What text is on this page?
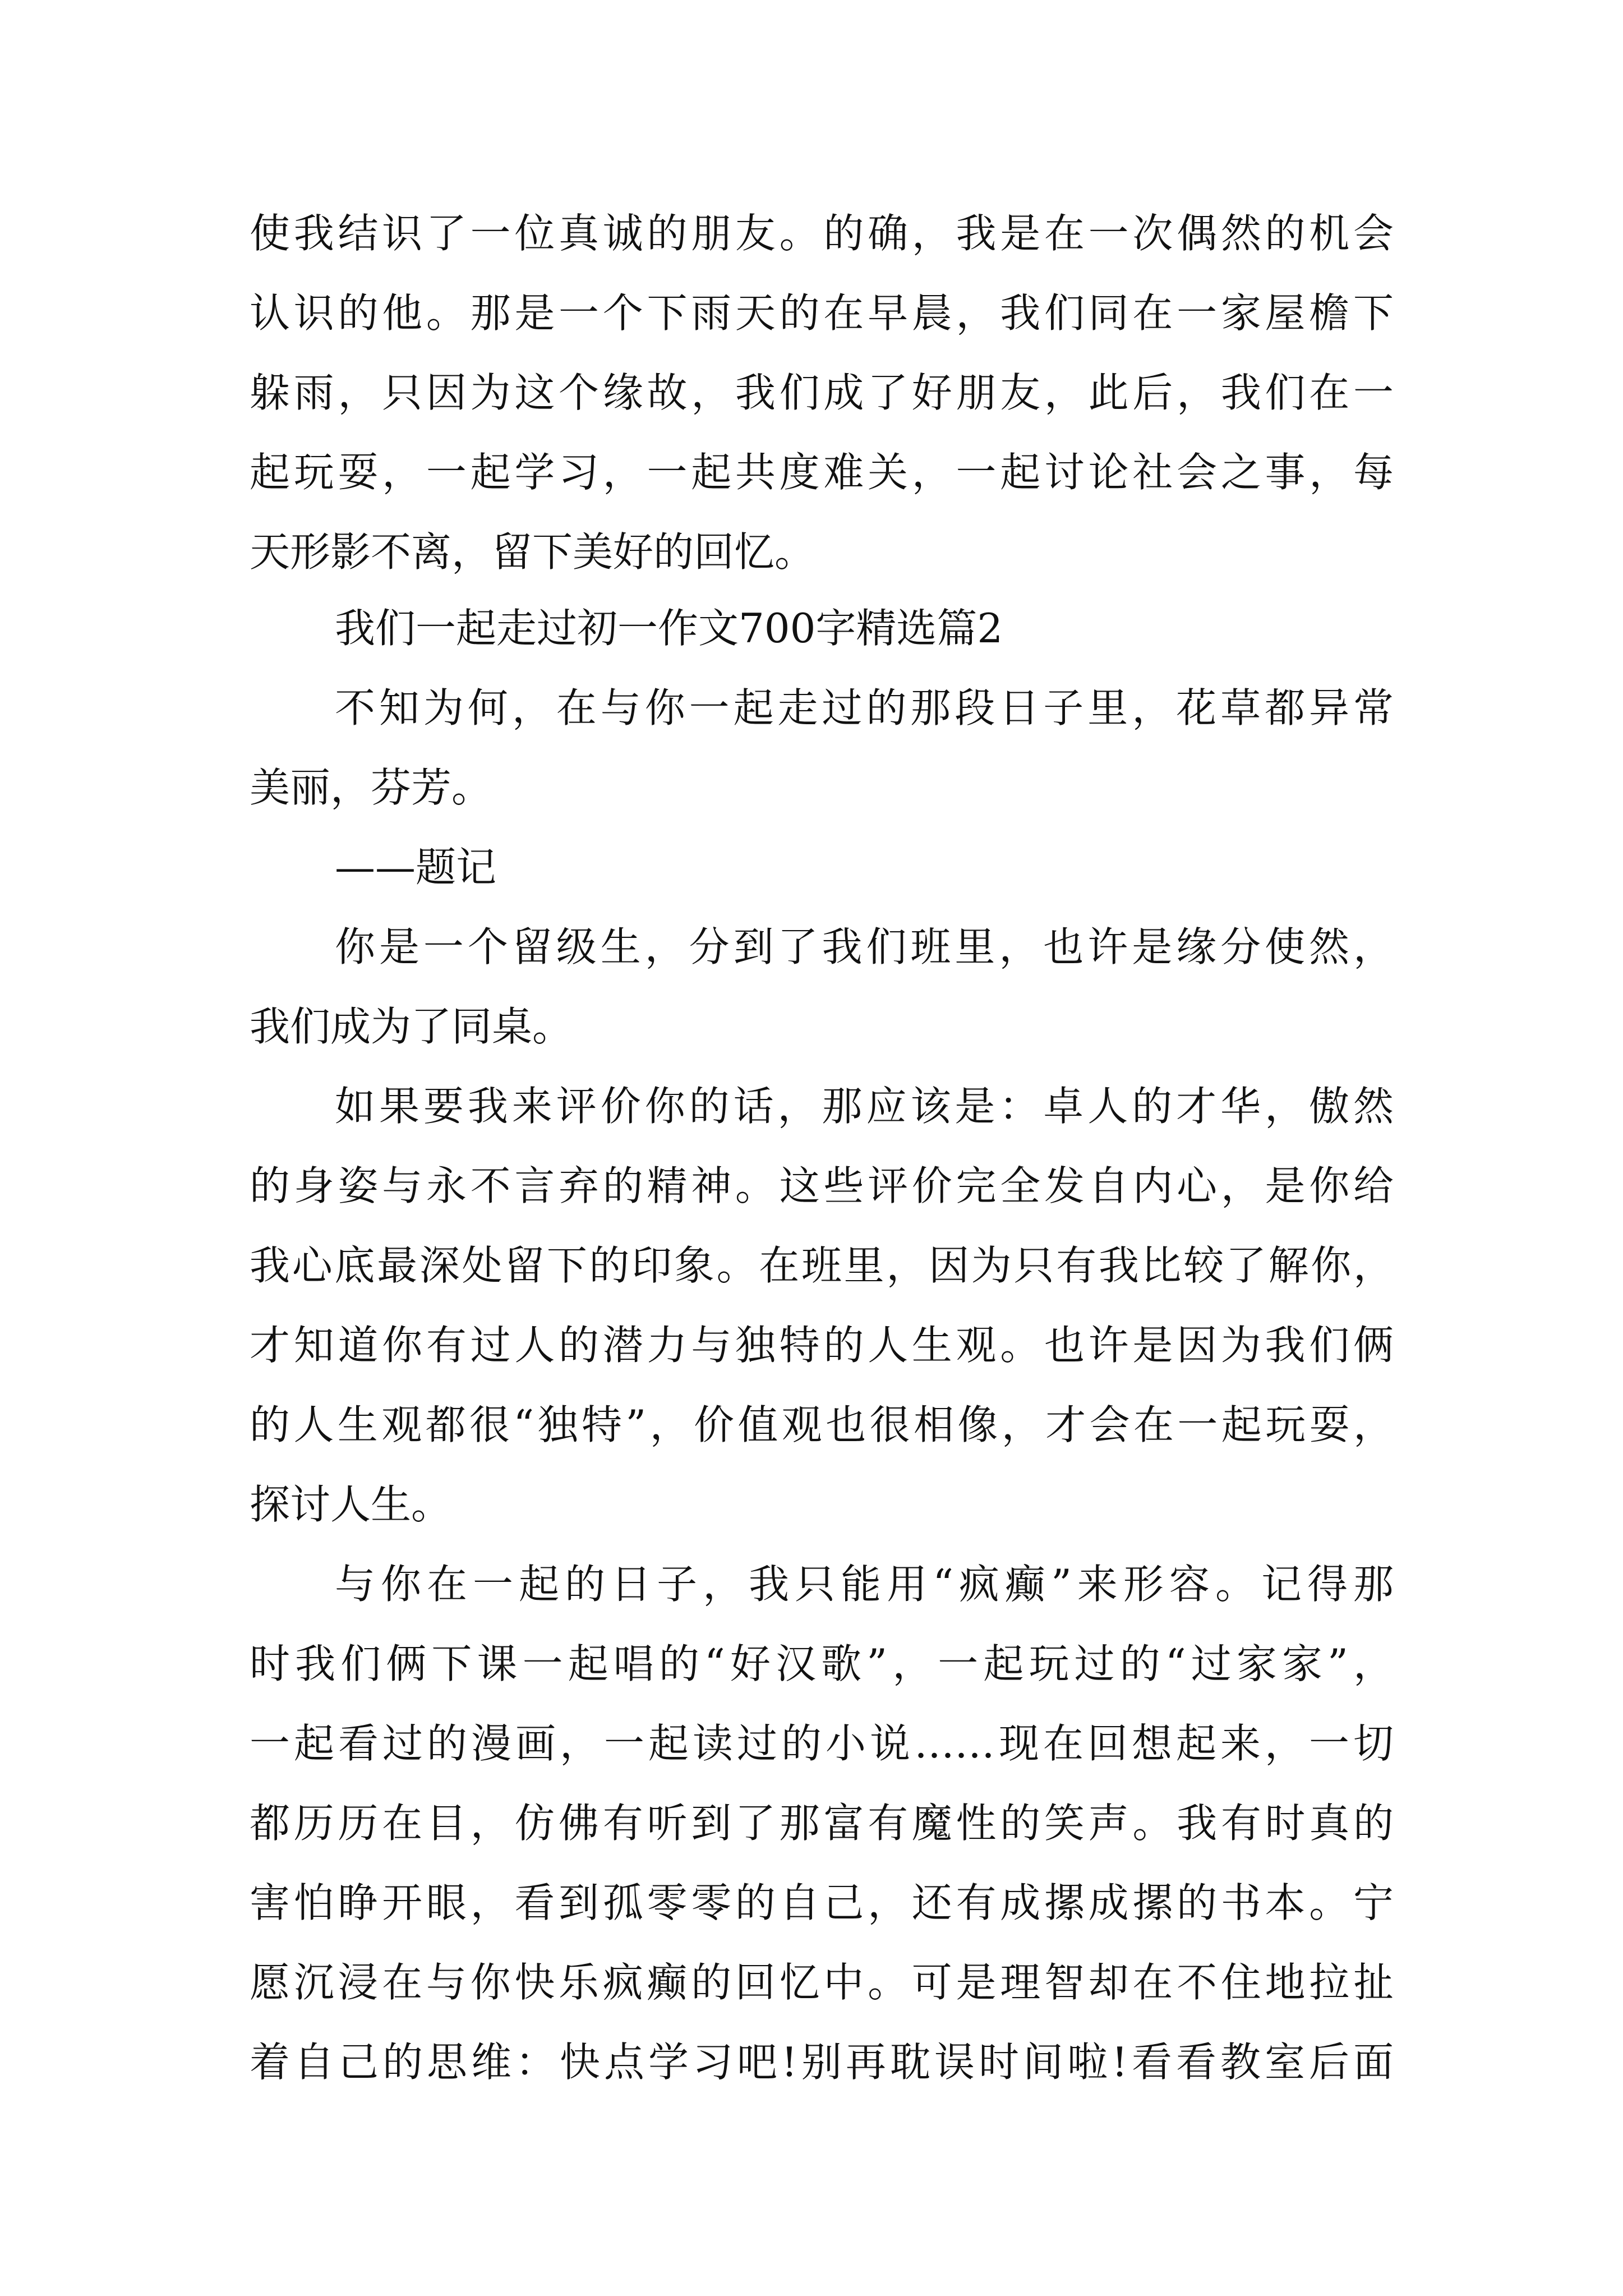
使我结识了一位真诚的朋友。的确，我是在一次偶然的机会
认识的他。那是一个下雨天的在早晨，我们同在一家屋檐下
躲雨，只因为这个缘故，我们成了好朋友，此后，我们在一
起玩耍，一起学习，一起共度难关，一起讨论社会之事，每
天形影不离，留下美好的回忆。
我们一起走过初一作文700字精选篇2
不知为何，在与你一起走过的那段日子里，花草都异常
美丽，芬芳。
——题记
你是一个留级生，分到了我们班里，也许是缘分使然，
我们成为了同桌。
如果要我来评价你的话，那应该是：卓人的才华，傲然
的身姿与永不言弃的精神。这些评价完全发自内心，是你给
我心底最深处留下的印象。在班里，因为只有我比较了解你，
才知道你有过人的潜力与独特的人生观。也许是因为我们俩
的人生观都很“独特”，价值观也很相像，才会在一起玩耍，
探讨人生。
与你在一起的日子，我只能用“疯癫”来形容。记得那
时我们俩下课一起唱的“好汉歌”，一起玩过的“过家家”，
一起看过的漫画，一起读过的小说……现在回想起来，一切
都历历在目，仿佛有听到了那富有魔性的笑声。我有时真的
害怕睁开眼，看到孤零零的自己，还有成摞成摞的书本。宁
愿沉浸在与你快乐疯癫的回忆中。可是理智却在不住地拉扯
着自己的思维：快点学习吧!别再耽误时间啦!看看教室后面
